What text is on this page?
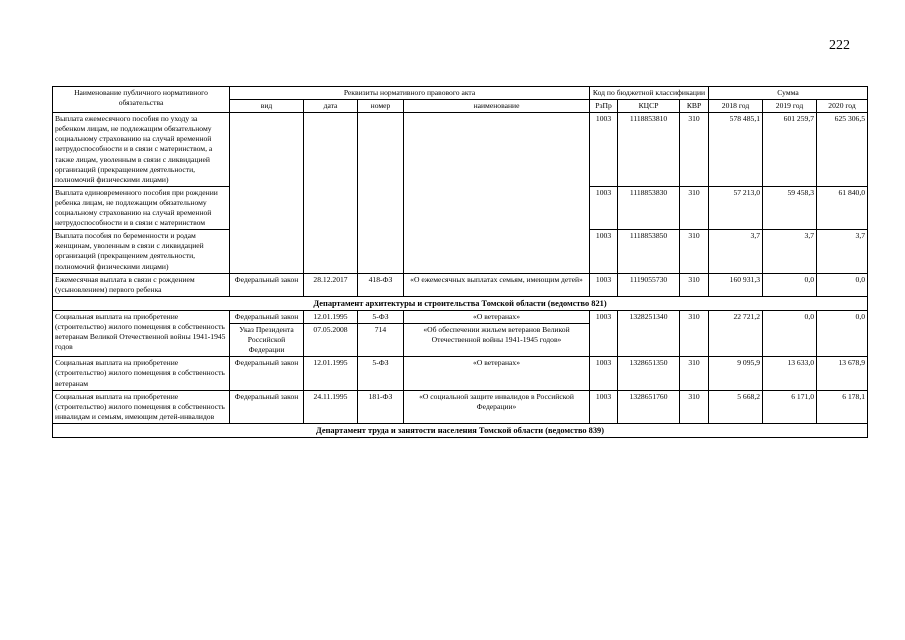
222
Наименование публичного нормативного обязательства	Реквизиты нормативного правового акта				Код по бюджетной классификации			Сумма		
	вид	дата	номер	наименование	РзПр	КЦСР	КВР	2018 год	2019 год	2020 год
Выплата ежемесячного пособия по уходу за ребенком лицам, не подлежащим обязательному социальному страхованию на случай временной нетрудоспособности и в связи с материнством, а также лицам, уволенным в связи с ликвидацией организаций (прекращением деятельности, полномочий физическими лицами)					1003	1118853810	310	578 485,1	601 259,7	625 306,5
Выплата единовременного пособия при рождении ребенка лицам, не подлежащим обязательному социальному страхованию на случай временной нетрудоспособности и в связи с материнством					1003	1118853830	310	57 213,0	59 458,3	61 840,0
Выплата пособия по беременности и родам женщинам, уволенным в связи с ликвидацией организаций (прекращением деятельности, полномочий физическими лицами)					1003	1118853850	310	3,7	3,7	3,7
Ежемесячная выплата в связи с рождением (усыновлением) первого ребенка	Федеральный закон	28.12.2017	418-ФЗ	«О ежемесячных выплатах семьям, имеющим детей»	1003	1119055730	310	160 931,3	0,0	0,0
Департамент архитектуры и строительства Томской области (ведомство 821)										
Социальная выплата на приобретение (строительство) жилого помещения в собственность ветеранам Великой Отечественной войны 1941-1945 годов	Федеральный закон	12.01.1995	5-ФЗ	«О ветеранах»	1003	1328251340	310	22 721,2	0,0	0,0
	Указ Президента Российской Федерации	07.05.2008	714	«Об обеспечении жильем ветеранов Великой Отечественной войны 1941-1945 годов»						
Социальная выплата на приобретение (строительство) жилого помещения в собственность ветеранам	Федеральный закон	12.01.1995	5-ФЗ	«О ветеранах»	1003	1328651350	310	9 095,9	13 633,0	13 678,9
Социальная выплата на приобретение (строительство) жилого помещения в собственность инвалидам и семьям, имеющим детей-инвалидов	Федеральный закон	24.11.1995	181-ФЗ	«О социальной защите инвалидов в Российской Федерации»	1003	1328651760	310	5 668,2	6 171,0	6 178,1
Департамент труда и занятости населения Томской области (ведомство 839)										
